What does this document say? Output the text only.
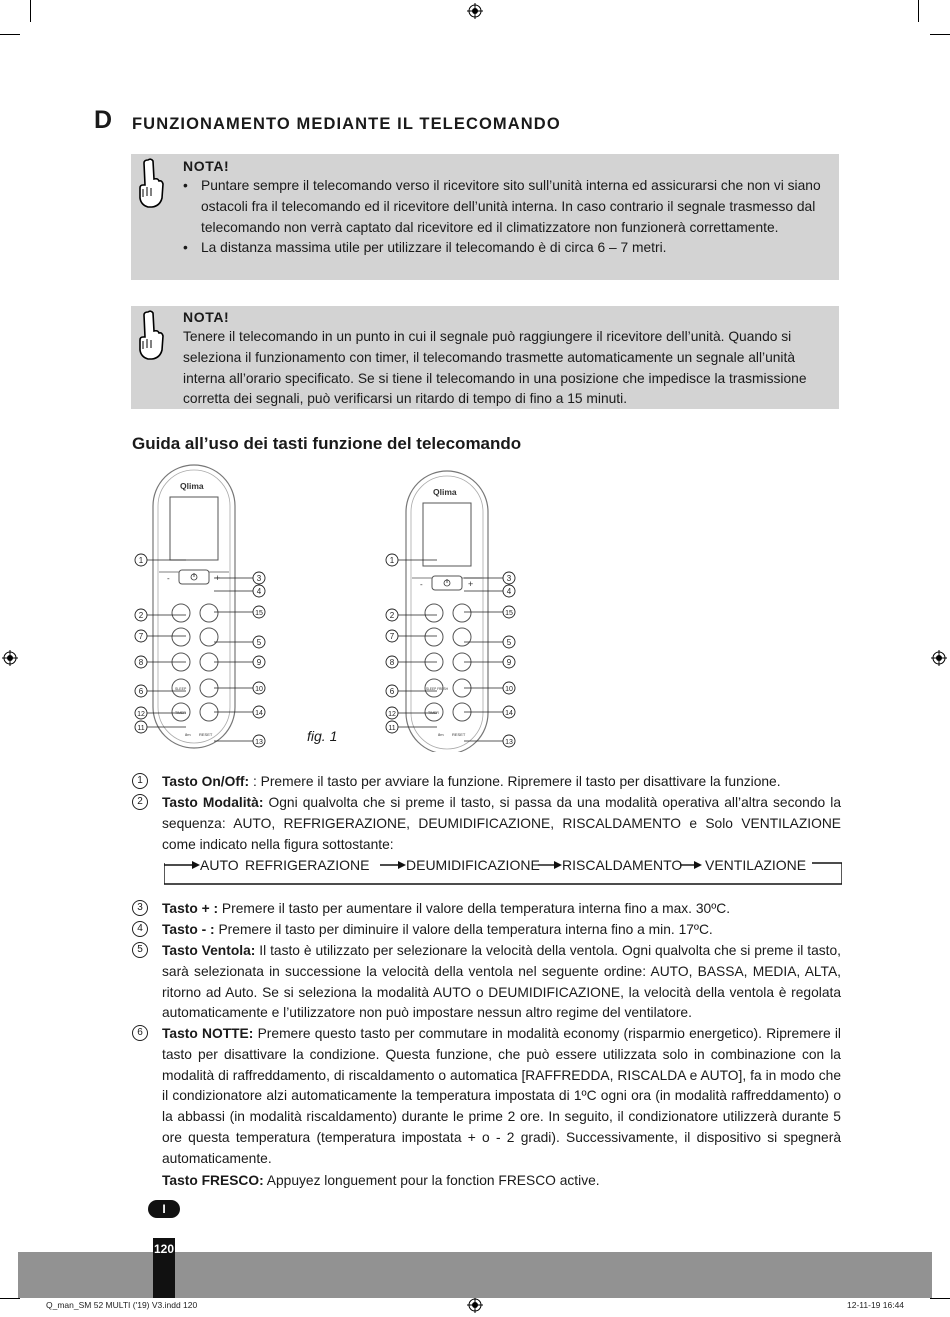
D FUNZIONAMENTO MEDIANTE IL TELECOMANDO
NOTA!
• Puntare sempre il telecomando verso il ricevitore sito sull’unità interna ed assicurarsi che non vi siano ostacoli fra il telecomando ed il ricevitore dell’unità interna. In caso contrario il segnale trasmesso dal telecomando non verrà captato dal ricevitore ed il climatizzatore non funzionerà correttamente.
• La distanza massima utile per utilizzare il telecomando è di circa 6 – 7 metri.
NOTA!
Tenere il telecomando in un punto in cui il segnale può raggiungere il ricevitore dell’unità. Quando si seleziona il funzionamento con timer, il telecomando trasmette automaticamente un segnale all’unità interna all’orario specificato. Se si tiene il telecomando in una posizione che impedisce la trasmissione corretta dei segnali, può verificarsi un ritardo di tempo di fino a 15 minuti.
Guida all’uso dei tasti funzione del telecomando
Qlima
-	+
SLEEP
TIMER
8m RESET
Qlima
-	+
SLEEP FRESH
TIMER
8m RESET
1
2
7
8
6
12
11
3
4
15
5
9
10
14
13
1
2
7
8
6
12
11
3
4
15
5
9
10
14
13
fig. 1
1	Tasto On/Off: : Premere il tasto per avviare la funzione. Ripremere il tasto per disattivare la funzione.
2	Tasto Modalità: Ogni qualvolta che si preme il tasto, si passa da una modalità operativa all’altra secondo la sequenza: AUTO, REFRIGERAZIONE, DEUMIDIFICAZIONE, RISCALDAMENTO e Solo VENTILAZIONE come indicato nella figura sottostante:
AUTO REFRIGERAZIONE	DEUMIDIFICAZIONE RISCALDAMENTO VENTILAZIONE
3	Tasto + : Premere il tasto per aumentare il valore della temperatura interna fino a max. 30ºC.
4	Tasto - : Premere il tasto per diminuire il valore della temperatura interna fino a min. 17ºC.
5	Tasto Ventola: Il tasto è utilizzato per selezionare la velocità della ventola. Ogni qualvolta che si preme il tasto, sarà selezionata in successione la velocità della ventola nel seguente ordine: AUTO, BASSA, MEDIA, ALTA, ritorno ad Auto. Se si seleziona la modalità AUTO o DEUMIDIFICAZIONE, la velocità della ventola è regolata automaticamente e l’utilizzatore non può impostare nessun altro regime del ventilatore.
6	Tasto NOTTE: Premere questo tasto per commutare in modalità economy (risparmio energetico). Ripremere il tasto per disattivare la condizione. Questa funzione, che può essere utilizzata solo in combinazione con la modalità di raffreddamento, di riscaldamento o automatica [RAFFREDDA, RISCALDA e AUTO], fa in modo che il condizionatore alzi automaticamente la temperatura impostata di 1ºC ogni ora (in modalità raffreddamento) o la abbassi (in modalità riscaldamento) durante le prime 2 ore. In seguito, il condizionatore utilizzerà durante 5 ore questa temperatura (temperatura impostata + o - 2 gradi). Successivamente, il dispositivo si spegnerà automaticamente.
Tasto FRESCO: Appuyez longuement pour la fonction FRESCO active.
I
120
Q_man_SM 52 MULTI ('19) V3.indd 120	12-11-19 16:44
